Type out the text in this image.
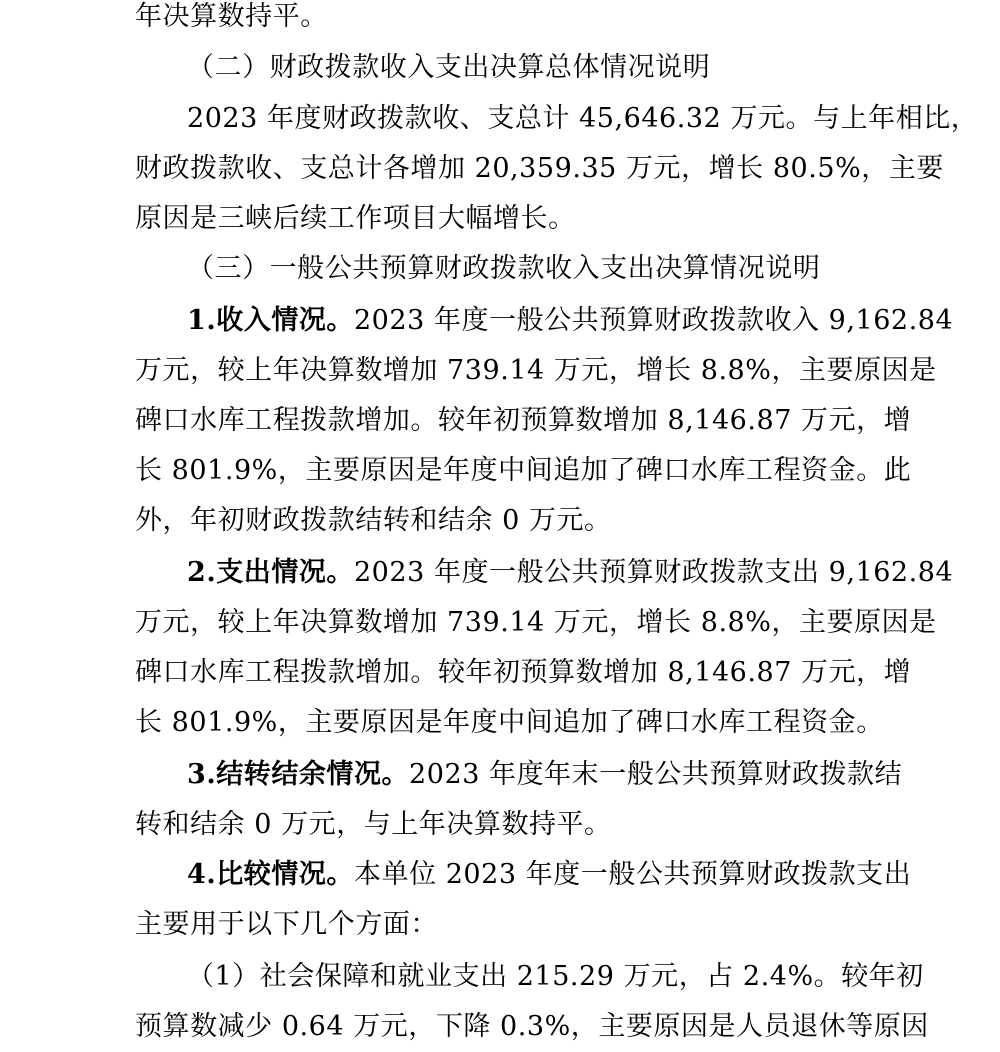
年决算数持平。
（二）财政拨款收入支出决算总体情况说明
2023 年度财政拨款收、支总计 45,646.32 万元。与上年相比，
财政拨款收、支总计各增加 20,359.35 万元，增长 80.5%，主要
原因是三峡后续工作项目大幅增长。
（三）一般公共预算财政拨款收入支出决算情况说明
1.收入情况。2023 年度一般公共预算财政拨款收入 9,162.84
万元，较上年决算数增加 739.14 万元，增长 8.8%，主要原因是
碑口水库工程拨款增加。较年初预算数增加 8,146.87 万元，增
长 801.9%，主要原因是年度中间追加了碑口水库工程资金。此
外，年初财政拨款结转和结余 0 万元。
2.支出情况。2023 年度一般公共预算财政拨款支出 9,162.84
万元，较上年决算数增加 739.14 万元，增长 8.8%，主要原因是
碑口水库工程拨款增加。较年初预算数增加 8,146.87 万元，增
长 801.9%，主要原因是年度中间追加了碑口水库工程资金。
3.结转结余情况。2023 年度年末一般公共预算财政拨款结
转和结余 0 万元，与上年决算数持平。
4.比较情况。本单位 2023 年度一般公共预算财政拨款支出
主要用于以下几个方面：
（1）社会保障和就业支出 215.29 万元，占 2.4%。较年初
预算数减少 0.64 万元，下降 0.3%，主要原因是人员退休等原因
